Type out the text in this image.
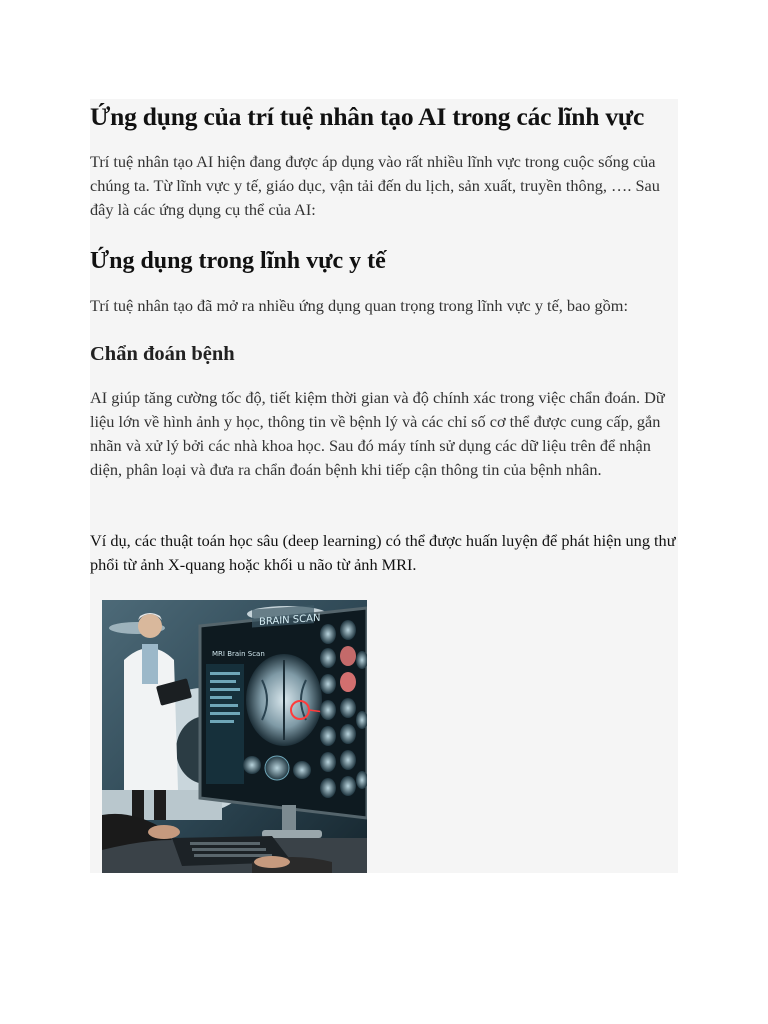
Ứng dụng của trí tuệ nhân tạo AI trong các lĩnh vực

Trí tuệ nhân tạo AI hiện đang được áp dụng vào rất nhiều lĩnh vực trong cuộc sống của chúng ta. Từ lĩnh vực y tế, giáo dục, vận tải đến du lịch, sản xuất, truyền thông, …. Sau đây là các ứng dụng cụ thể của AI:

Ứng dụng trong lĩnh vực y tế

Trí tuệ nhân tạo đã mở ra nhiều ứng dụng quan trọng trong lĩnh vực y tế, bao gồm:

Chẩn đoán bệnh

AI giúp tăng cường tốc độ, tiết kiệm thời gian và độ chính xác trong việc chẩn đoán. Dữ liệu lớn về hình ảnh y học, thông tin về bệnh lý và các chỉ số cơ thể được cung cấp, gắn nhãn và xử lý bởi các nhà khoa học. Sau đó máy tính sử dụng các dữ liệu trên để nhận diện, phân loại và đưa ra chẩn đoán bệnh khi tiếp cận thông tin của bệnh nhân.

Ví dụ, các thuật toán học sâu (deep learning) có thể được huấn luyện để phát hiện ung thư phổi từ ảnh X-quang hoặc khối u não từ ảnh MRI.

BRAIN SCAN
MRI Brain Scan
